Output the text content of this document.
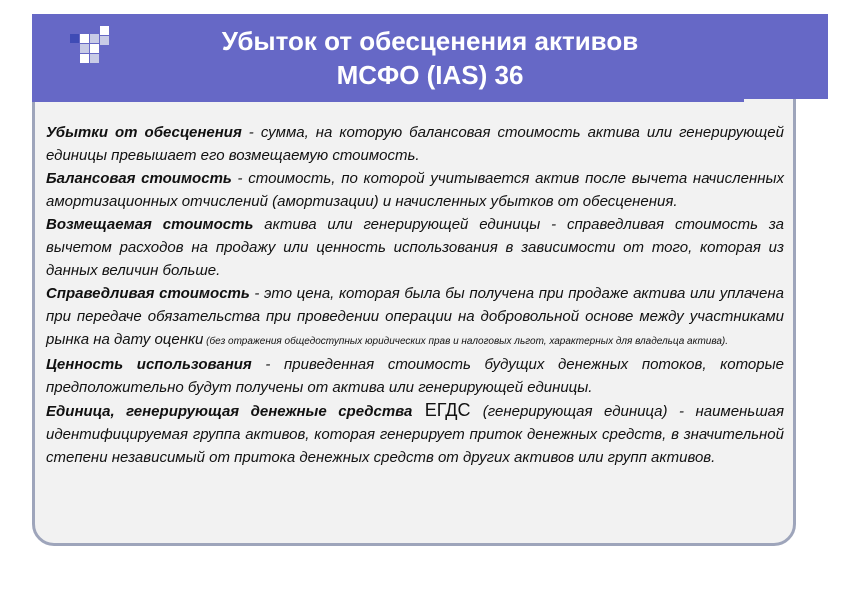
Убыток от обесценения активов
МСФО (IAS) 36

Убытки от обесценения - сумма, на которую балансовая стоимость актива или генерирующей единицы превышает его возмещаемую стоимость.

Балансовая стоимость - стоимость, по которой учитывается актив после вычета начисленных амортизационных отчислений (амортизации) и начисленных убытков от обесценения.

Возмещаемая стоимость актива или генерирующей единицы - справедливая стоимость за вычетом расходов на продажу или ценность использования в зависимости от того, которая из данных величин больше.

Справедливая стоимость - это цена, которая была бы получена при продаже актива или уплачена при передаче обязательства при проведении операции на добровольной основе между участниками рынка на дату оценки (без отражения общедоступных юридических прав и налоговых льгот, характерных для владельца актива).

Ценность использования - приведенная стоимость будущих денежных потоков, которые предположительно будут получены от актива или генерирующей единицы.

Единица, генерирующая денежные средства ЕГДС (генерирующая единица) - наименьшая идентифицируемая группа активов, которая генерирует приток денежных средств, в значительной степени независимый от притока денежных средств от других активов или групп активов.
